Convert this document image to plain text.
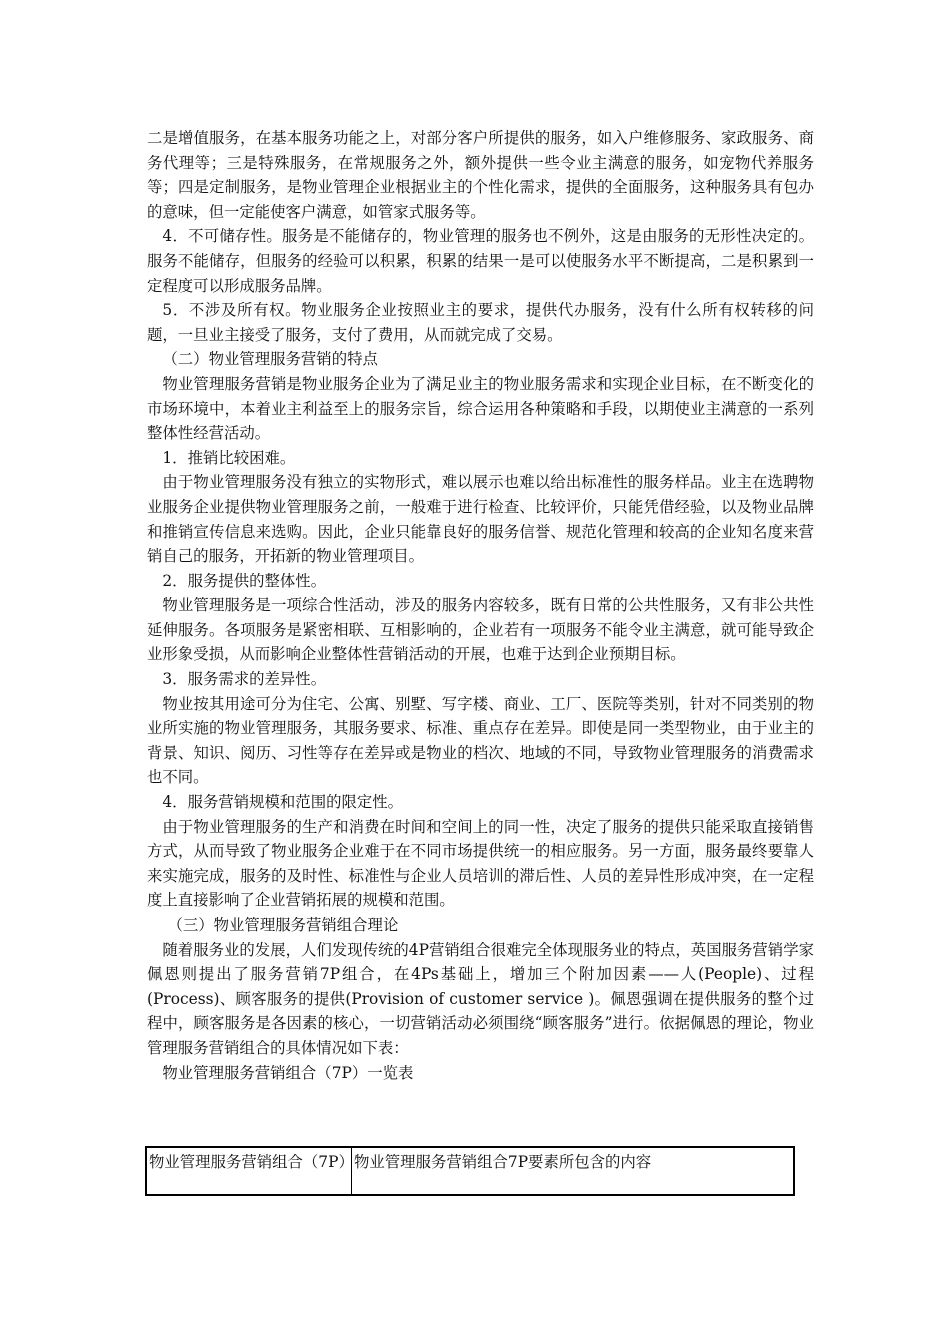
二是增值服务，在基本服务功能之上，对部分客户所提供的服务，如入户维修服务、家政服务、商务代理等；三是特殊服务，在常规服务之外，额外提供一些令业主满意的服务，如宠物代养服务等；四是定制服务，是物业管理企业根据业主的个性化需求，提供的全面服务，这种服务具有包办的意味，但一定能使客户满意，如管家式服务等。

4．不可储存性。服务是不能储存的，物业管理的服务也不例外，这是由服务的无形性决定的。服务不能储存，但服务的经验可以积累，积累的结果一是可以使服务水平不断提高，二是积累到一定程度可以形成服务品牌。

5．不涉及所有权。物业服务企业按照业主的要求，提供代办服务，没有什么所有权转移的问题，一旦业主接受了服务，支付了费用，从而就完成了交易。

（二）物业管理服务营销的特点

物业管理服务营销是物业服务企业为了满足业主的物业服务需求和实现企业目标，在不断变化的市场环境中，本着业主利益至上的服务宗旨，综合运用各种策略和手段，以期使业主满意的一系列整体性经营活动。

1．推销比较困难。

由于物业管理服务没有独立的实物形式，难以展示也难以给出标准性的服务样品。业主在选聘物业服务企业提供物业管理服务之前，一般难于进行检查、比较评价，只能凭借经验，以及物业品牌和推销宣传信息来选购。因此，企业只能靠良好的服务信誉、规范化管理和较高的企业知名度来营销自己的服务，开拓新的物业管理项目。

2．服务提供的整体性。

物业管理服务是一项综合性活动，涉及的服务内容较多，既有日常的公共性服务，又有非公共性延伸服务。各项服务是紧密相联、互相影响的，企业若有一项服务不能令业主满意，就可能导致企业形象受损，从而影响企业整体性营销活动的开展，也难于达到企业预期目标。

3．服务需求的差异性。

物业按其用途可分为住宅、公寓、别墅、写字楼、商业、工厂、医院等类别，针对不同类别的物业所实施的物业管理服务，其服务要求、标准、重点存在差异。即使是同一类型物业，由于业主的背景、知识、阅历、习性等存在差异或是物业的档次、地域的不同，导致物业管理服务的消费需求也不同。

4．服务营销规模和范围的限定性。

由于物业管理服务的生产和消费在时间和空间上的同一性，决定了服务的提供只能采取直接销售方式，从而导致了物业服务企业难于在不同市场提供统一的相应服务。另一方面，服务最终要靠人来实施完成，服务的及时性、标准性与企业人员培训的滞后性、人员的差异性形成冲突，在一定程度上直接影响了企业营销拓展的规模和范围。

（三）物业管理服务营销组合理论

随着服务业的发展，人们发现传统的4P营销组合很难完全体现服务业的特点，英国服务营销学家佩恩则提出了服务营销7P组合，在4Ps基础上，增加三个附加因素——人(People)、过程(Process)、顾客服务的提供(Provision of customer service )。佩恩强调在提供服务的整个过程中，顾客服务是各因素的核心，一切营销活动必须围绕“顾客服务”进行。依据佩恩的理论，物业管理服务营销组合的具体情况如下表：

物业管理服务营销组合（7P）一览表

物业管理服务营销组合（7P）	物业管理服务营销组合7P要素所包含的内容
